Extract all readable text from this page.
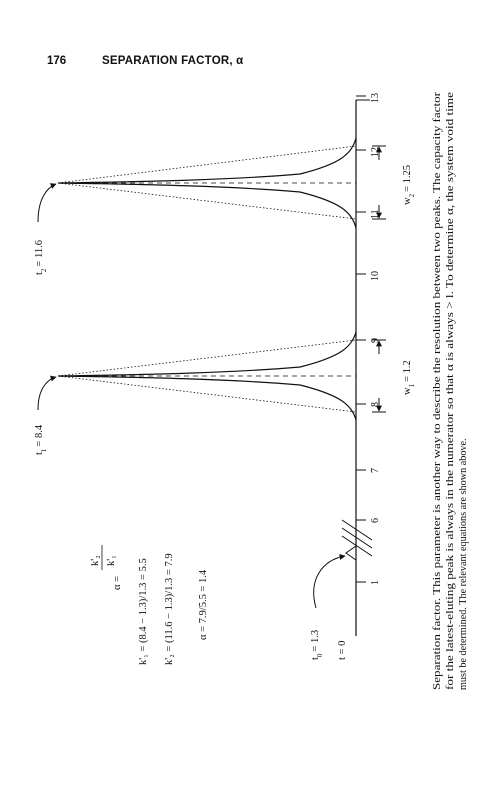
176	SEPARATION FACTOR, α
1
6
7
8
9
10
11
12
13
$w_1= 1.2$
$w_2= 1.25$
$t_2= 11.6$
$t_1= 8.4$
$t_0= 1.3$ t = 0
α =
k'₂ k'₁ k'₁ = (8.4 − 1.3)/1.3 = 5.5 k'₂ = (11.6 − 1.3)/1.3 = 7.9 α = 7.9/5.5 = 1.4	Separation factor. This parameter is another way to describe the resolution between two peaks. The capacity factor for the latest-eluting peak is always in the numerator so that α is always > l. To determine α, the system void time must be determined. The relevant equations are shown above.
